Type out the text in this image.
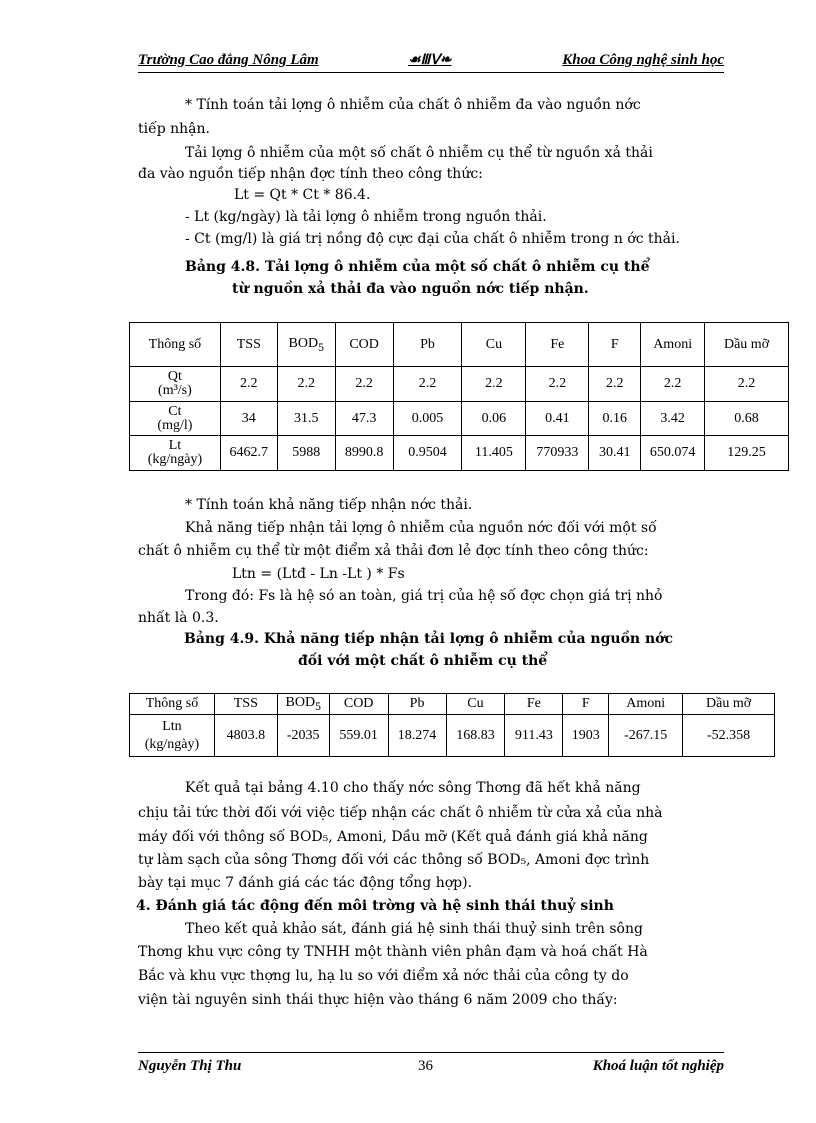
Trường Cao đẳng Nông Lâm	☙ⅢⅤ❧	Khoa Công nghệ sinh học
* Tính toán tải lợng ô nhiễm của chất ô nhiễm đa vào nguồn nớc
tiếp nhận.
Tải lợng ô nhiễm của một số chất ô nhiễm cụ thể từ nguồn xả thải
đa vào nguồn tiếp nhận đợc tính theo công thức:
Lt = Qt * Ct * 86.4.
- Lt (kg/ngày) là tải lợng ô nhiễm trong nguồn thải.
- Ct (mg/l) là giá trị nồng độ cực đại của chất ô nhiễm trong n ớc thải.
Bảng 4.8. Tải lợng ô nhiễm của một số chất ô nhiễm cụ thể
từ nguồn xả thải đa vào nguồn nớc tiếp nhận.
Thông số	TSS	$BOD_5$	COD	Pb	Cu	Fe	F	Amoni	Dầu mỡ

Qt
(m³/s)	2.2	2.2	2.2	2.2	2.2	2.2	2.2	2.2	2.2

Ct
(mg/l)	34	31.5	47.3	0.005	0.06	0.41	0.16	3.42	0.68

Lt
(kg/ngày)	6462.7	5988	8990.8	0.9504	11.405	770933	30.41	650.074	129.25
* Tính toán khả năng tiếp nhận nớc thải.
Khả năng tiếp nhận tải lợng ô nhiễm của nguồn nớc đối với một số
chất ô nhiễm cụ thể từ một điểm xả thải đơn lẻ đợc tính theo công thức:
Ltn = (Ltđ - Ln -Lt ) * Fs
Trong đó: Fs là hệ só an toàn, giá trị của hệ số đợc chọn giá trị nhỏ
nhất là 0.3.
Bảng 4.9. Khả năng tiếp nhận tải lợng ô nhiễm của nguồn nớc
đối với một chất ô nhiễm cụ thể
Thông số	TSS	$BOD_5$	COD	Pb	Cu	Fe	F	Amoni	Dầu mỡ

Ltn
(kg/ngày)	4803.8	-2035	559.01	18.274	168.83	911.43	1903	-267.15	-52.358
Kết quả tại bảng 4.10 cho thấy nớc sông Thơng đã hết khả năng
chịu tải tức thời đối với việc tiếp nhận các chất ô nhiễm từ cửa xả của nhà
máy đối với thông số BOD₅, Amoni, Dầu mỡ (Kết quả đánh giá khả năng
tự làm sạch của sông Thơng đối với các thông số BOD₅, Amoni đợc trình
bày tại mục 7 đánh giá các tác động tổng hợp).
4. Đánh giá tác động đến môi trờng và hệ sinh thái thuỷ sinh
Theo kết quả khảo sát, đánh giá hệ sinh thái thuỷ sinh trên sông
Thơng khu vực công ty TNHH một thành viên phân đạm và hoá chất Hà
Bắc và khu vực thợng lu, hạ lu so với điểm xả nớc thải của công ty do
viện tài nguyên sinh thái thực hiện vào tháng 6 năm 2009 cho thấy:
Nguyễn Thị Thu	36	Khoá luận tốt nghiệp
